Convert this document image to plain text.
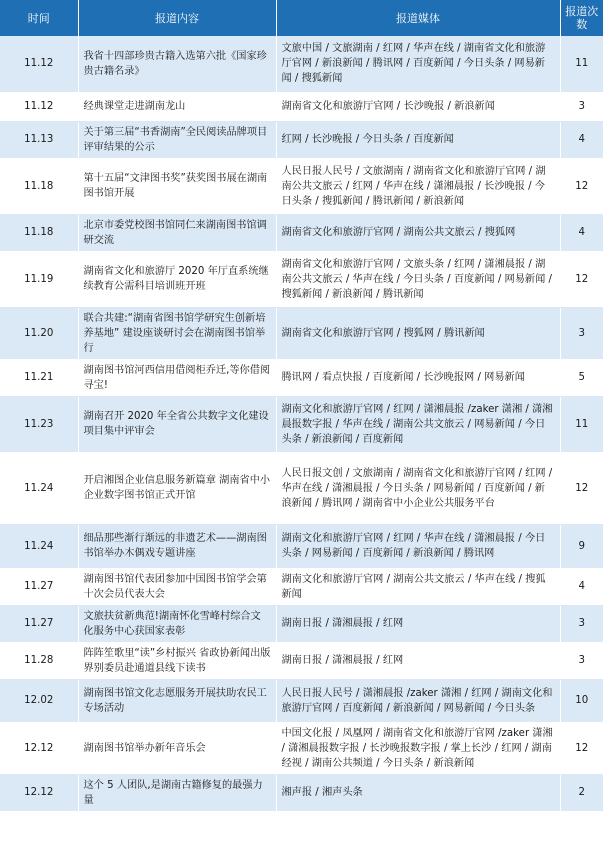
时间	报道内容	报道媒体	报道次数
11.12	我省十四部珍贵古籍入选第六批《国家珍贵古籍名录》	文旅中国 / 文旅湖南 / 红网 / 华声在线 / 湖南省文化和旅游厅官网 / 新浪新闻 / 腾讯网 / 百度新闻 / 今日头条 / 网易新闻 / 搜狐新闻	11
11.12	经典课堂走进湖南龙山	湖南省文化和旅游厅官网 / 长沙晚报 / 新浪新闻	3
11.13	关于第三届“书香湖南”全民阅读品牌项目评审结果的公示	红网 / 长沙晚报 / 今日头条 / 百度新闻	4
11.18	第十五届“文津图书奖”获奖图书展在湖南图书馆开展	人民日报人民号 / 文旅湖南 / 湖南省文化和旅游厅官网 / 湖南公共文旅云 / 红网 / 华声在线 / 潇湘晨报 / 长沙晚报 / 今日头条 / 搜狐新闻 / 腾讯新闻 / 新浪新闻	12
11.18	北京市委党校图书馆同仁来湖南图书馆调研交流	湖南省文化和旅游厅官网 / 湖南公共文旅云 / 搜狐网	4
11.19	湖南省文化和旅游厅 2020 年厅直系统继续教育公需科目培训班开班	湖南省文化和旅游厅官网 / 文旅头条 / 红网 / 潇湘晨报 / 湖南公共文旅云 / 华声在线 / 今日头条 / 百度新闻 / 网易新闻 / 搜狐新闻 / 新浪新闻 / 腾讯新闻	12
11.20	联合共建:“湖南省图书馆学研究生创新培养基地” 建设座谈研讨会在湖南图书馆举行	湖南省文化和旅游厅官网 / 搜狐网 / 腾讯新闻	3
11.21	湖南图书馆河西信用借阅柜乔迁,等你借阅寻宝!	腾讯网 / 看点快报 / 百度新闻 / 长沙晚报网 / 网易新闻	5
11.23	湖南召开 2020 年全省公共数字文化建设项目集中评审会	湖南文化和旅游厅官网 / 红网 / 潇湘晨报 /zaker 潇湘 / 潇湘晨报数字报 / 华声在线 / 湖南公共文旅云 / 网易新闻 / 今日头条 / 新浪新闻 / 百度新闻	11
11.24	开启湘图企业信息服务新篇章 湖南省中小企业数字图书馆正式开馆	人民日报文创 / 文旅湖南 / 湖南省文化和旅游厅官网 / 红网 / 华声在线 / 潇湘晨报 / 今日头条 / 网易新闻 / 百度新闻 / 新浪新闻 / 腾讯网 / 湖南省中小企业公共服务平台	12
11.24	细品那些渐行渐远的非遗艺术——湖南图书馆举办木偶戏专题讲座	湖南文化和旅游厅官网 / 红网 / 华声在线 / 潇湘晨报 / 今日头条 / 网易新闻 / 百度新闻 / 新浪新闻 / 腾讯网	9
11.27	湖南图书馆代表团参加中国图书馆学会第十次会员代表大会	湖南文化和旅游厅官网 / 湖南公共文旅云 / 华声在线 / 搜狐新闻	4
11.27	文旅扶贫新典范!湖南怀化雪峰村综合文化服务中心获国家表彰	湖南日报 / 潇湘晨报 / 红网	3
11.28	阵阵笙歌里“读”乡村振兴 省政协新闻出版界别委员赴通道县线下读书	湖南日报 / 潇湘晨报 / 红网	3
12.02	湖南图书馆文化志愿服务开展扶助农民工专场活动	人民日报人民号 / 潇湘晨报 /zaker 潇湘 / 红网 / 湖南文化和旅游厅官网 / 百度新闻 / 新浪新闻 / 网易新闻 / 今日头条	10
12.12	湖南图书馆举办新年音乐会	中国文化报 / 凤凰网 / 湖南省文化和旅游厅官网 /zaker 潇湘 / 潇湘晨报数字报 / 长沙晚报数字报 / 掌上长沙 / 红网 / 湖南经视 / 湖南公共频道 / 今日头条 / 新浪新闻	12
12.12	这个 5 人团队,是湖南古籍修复的最强力量	湘声报 / 湘声头条	2
